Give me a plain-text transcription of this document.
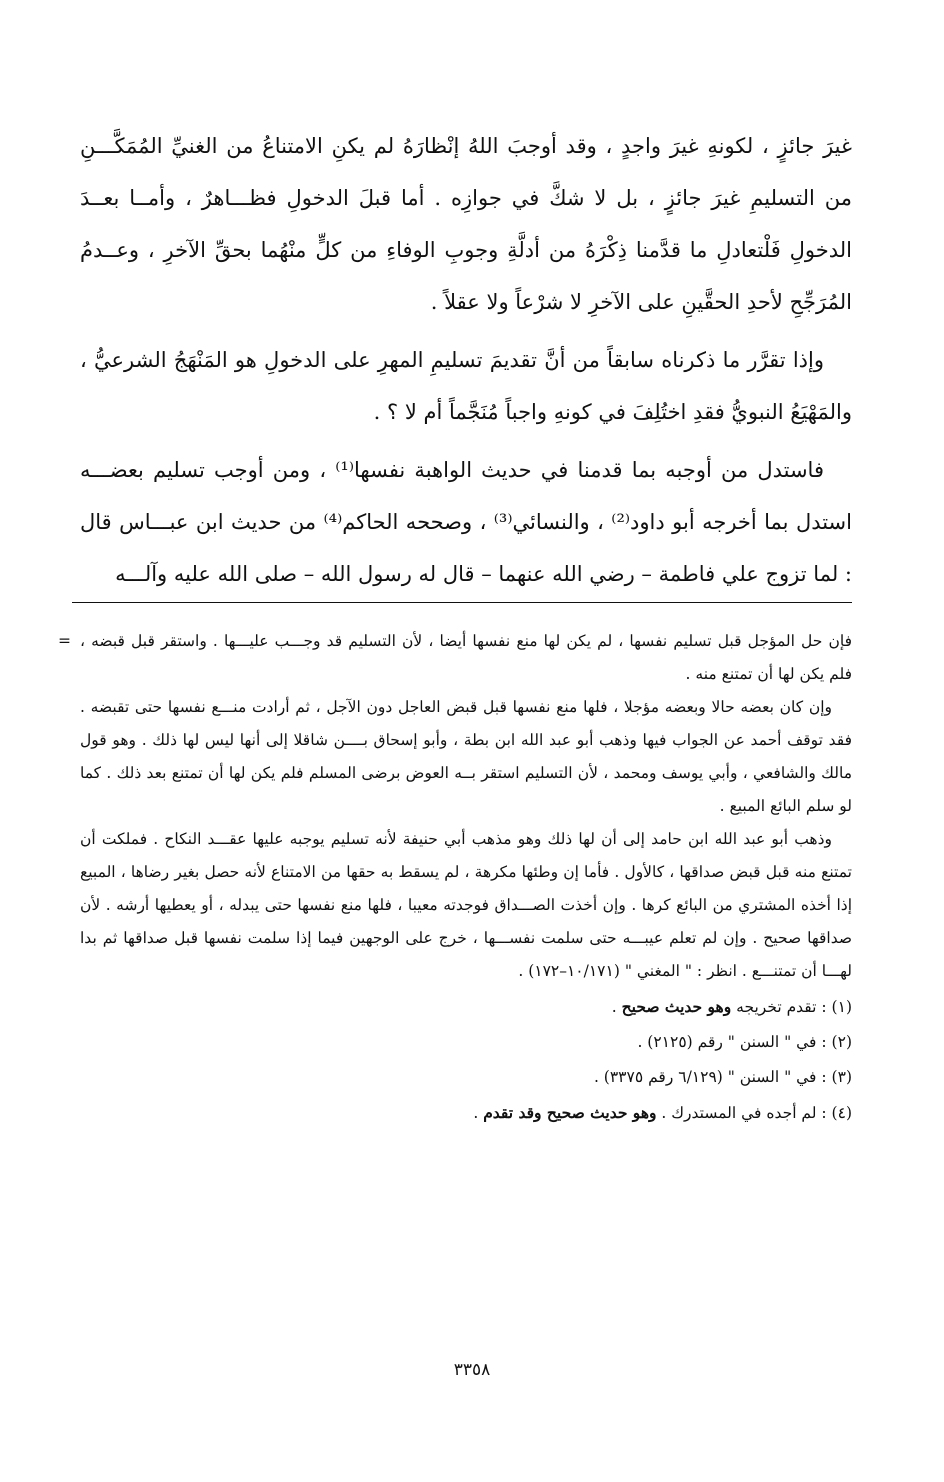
غيرَ جائزٍ ، لكونهِ غيرَ واجدٍ ، وقد أوجبَ اللهُ إنْظارَهُ لم يكنِ الامتناعُ من الغنيِّ المُمَكَّـــنِ من التسليمِ غيرَ جائزٍ ، بل لا شكَّ في جوازِه . أما قبلَ الدخولِ فظـــاهرٌ ، وأمــا بعــدَ الدخولِ فَلْتعادلِ ما قدَّمنا ذِكْرَهُ من أدلَّةِ وجوبِ الوفاءِ من كلٍّ منْهُما بحقِّ الآخرِ ، وعــدمُ المُرَجِّحِ لأحدِ الحقَّينِ على الآخرِ لا شرْعاً ولا عقلاً .

وإذا تقرَّر ما ذكرناه سابقاً من أنَّ تقديمَ تسليمِ المهرِ على الدخولِ هو المَنْهَجُ الشرعيُّ ، والمَهْيَعُ النبويُّ فقدِ اختُلِفَ في كونهِ واجباً مُنَجَّماً أم لا ؟ .

فاستدل من أوجبه بما قدمنا في حديث الواهبة نفسها⁽¹⁾ ، ومن أوجب تسليم بعضـــه استدل بما أخرجه أبو داود⁽²⁾ ، والنسائي⁽³⁾ ، وصححه الحاكم⁽⁴⁾ من حديث ابن عبـــاس قال : لما تزوج علي فاطمة – رضي الله عنهما – قال له رسول الله – صلى الله عليه وآلـــه

= فإن حل المؤجل قبل تسليم نفسها ، لم يكن لها منع نفسها أيضا ، لأن التسليم قد وجـــب عليـــها . واستقر قبل قبضه ، فلم يكن لها أن تمتنع منه .

وإن كان بعضه حالا وبعضه مؤجلا ، فلها منع نفسها قبل قبض العاجل دون الآجل ، ثم أرادت منـــع نفسها حتى تقبضه . فقد توقف أحمد عن الجواب فيها وذهب أبو عبد الله ابن بطة ، وأبو إسحاق بــــن شاقلا إلى أنها ليس لها ذلك . وهو قول مالك والشافعي ، وأبي يوسف ومحمد ، لأن التسليم استقر بــه العوض برضى المسلم فلم يكن لها أن تمتنع بعد ذلك . كما لو سلم البائع المبيع .

وذهب أبو عبد الله ابن حامد إلى أن لها ذلك وهو مذهب أبي حنيفة لأنه تسليم يوجبه عليها عقـــد النكاح . فملكت أن تمتنع منه قبل قبض صداقها ، كالأول . فأما إن وطئها مكرهة ، لم يسقط به حقها من الامتناع لأنه حصل بغير رضاها ، المبيع إذا أخذه المشتري من البائع كرها . وإن أخذت الصـــداق فوجدته معيبا ، فلها منع نفسها حتى يبدله ، أو يعطيها أرشه . لأن صداقها صحيح . وإن لم تعلم عيبـــه حتى سلمت نفســـها ، خرج على الوجهين فيما إذا سلمت نفسها قبل صداقها ثم بدا لهـــا أن تمتنـــع . انظر : " المغني " (١٠/١٧١–١٧٢) .

(١) : تقدم تخريجه وهو حديث صحيح .

(٢) : في " السنن " رقم (٢١٢٥) .

(٣) : في " السنن " (٦/١٢٩ رقم ٣٣٧٥) .

(٤) : لم أجده في المستدرك . وهو حديث صحيح وقد تقدم .

٣٣٥٨
